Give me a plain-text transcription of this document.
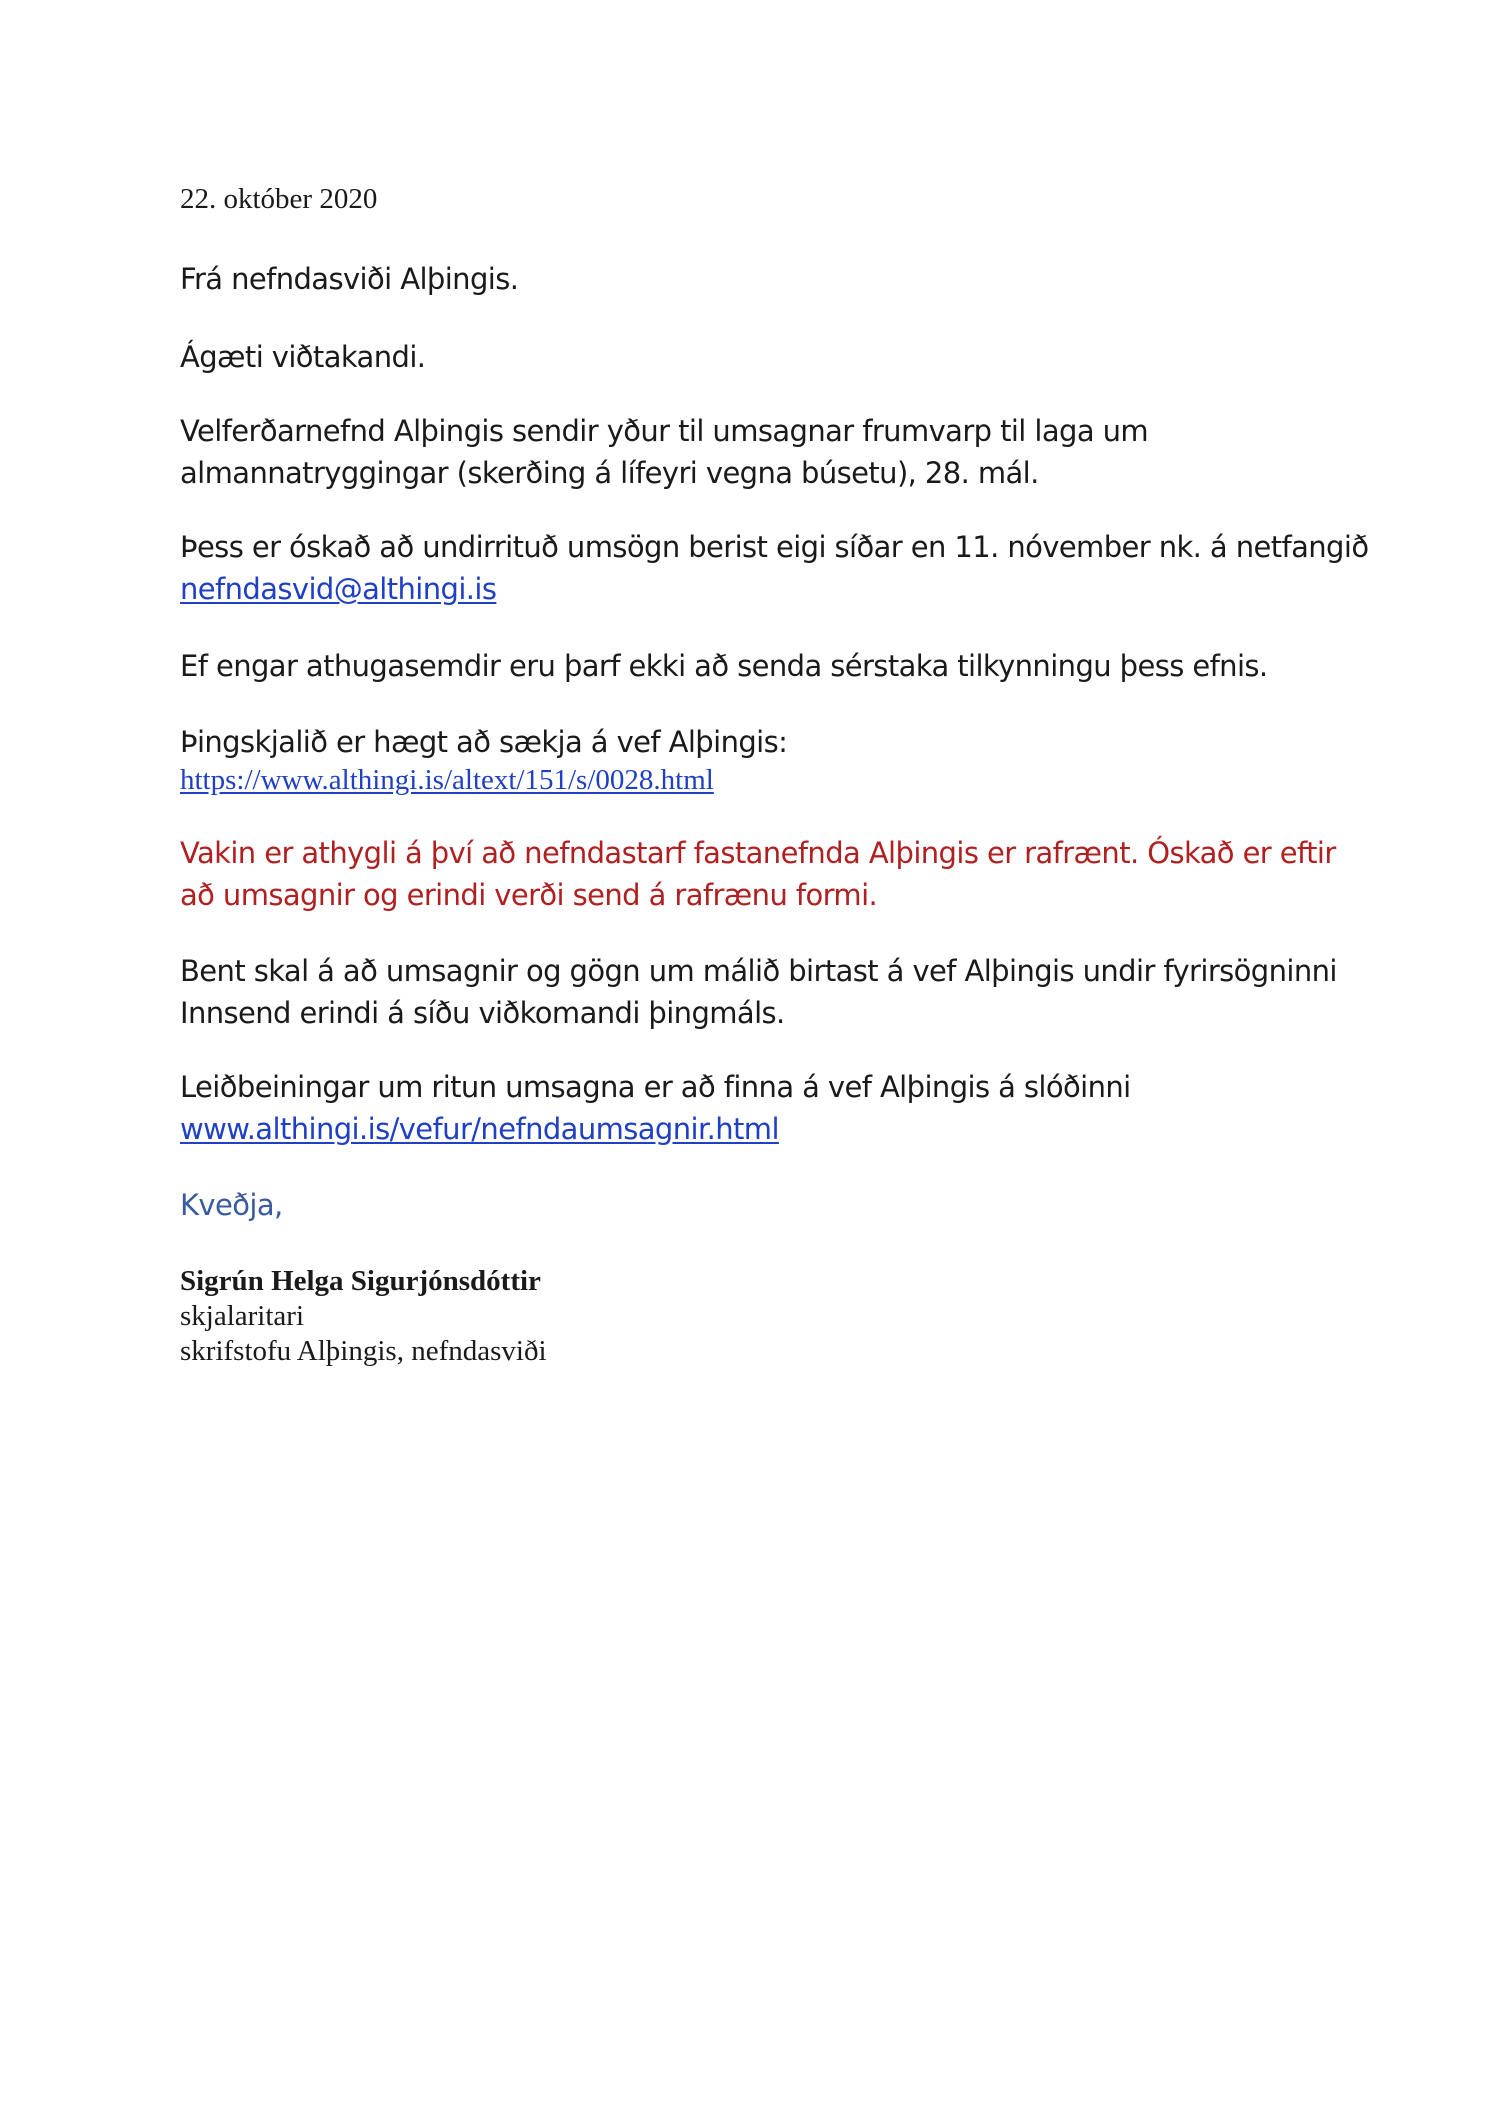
22. október 2020

Frá nefndasviði Alþingis.

Ágæti viðtakandi.

Velferðarnefnd Alþingis sendir yður til umsagnar frumvarp til laga um
almannatryggingar (skerðing á lífeyri vegna búsetu), 28. mál.
Þess er óskað að undirrituð umsögn berist eigi síðar en 11. nóvember nk. á netfangið
nefndasvid@althingi.is

Ef engar athugasemdir eru þarf ekki að senda sérstaka tilkynningu þess efnis.

Þingskjalið er hægt að sækja á vef Alþingis:
https://www.althingi.is/altext/151/s/0028.html
Vakin er athygli á því að nefndastarf fastanefnda Alþingis er rafrænt. Óskað er eftir
að umsagnir og erindi verði send á rafrænu formi.
Bent skal á að umsagnir og gögn um málið birtast á vef Alþingis undir fyrirsögninni
Innsend erindi á síðu viðkomandi þingmáls.
Leiðbeiningar um ritun umsagna er að finna á vef Alþingis á slóðinni
www.althingi.is/vefur/nefndaumsagnir.html

Kveðja,

Sigrún Helga Sigurjónsdóttir
skjalaritari
skrifstofu Alþingis, nefndasviði
